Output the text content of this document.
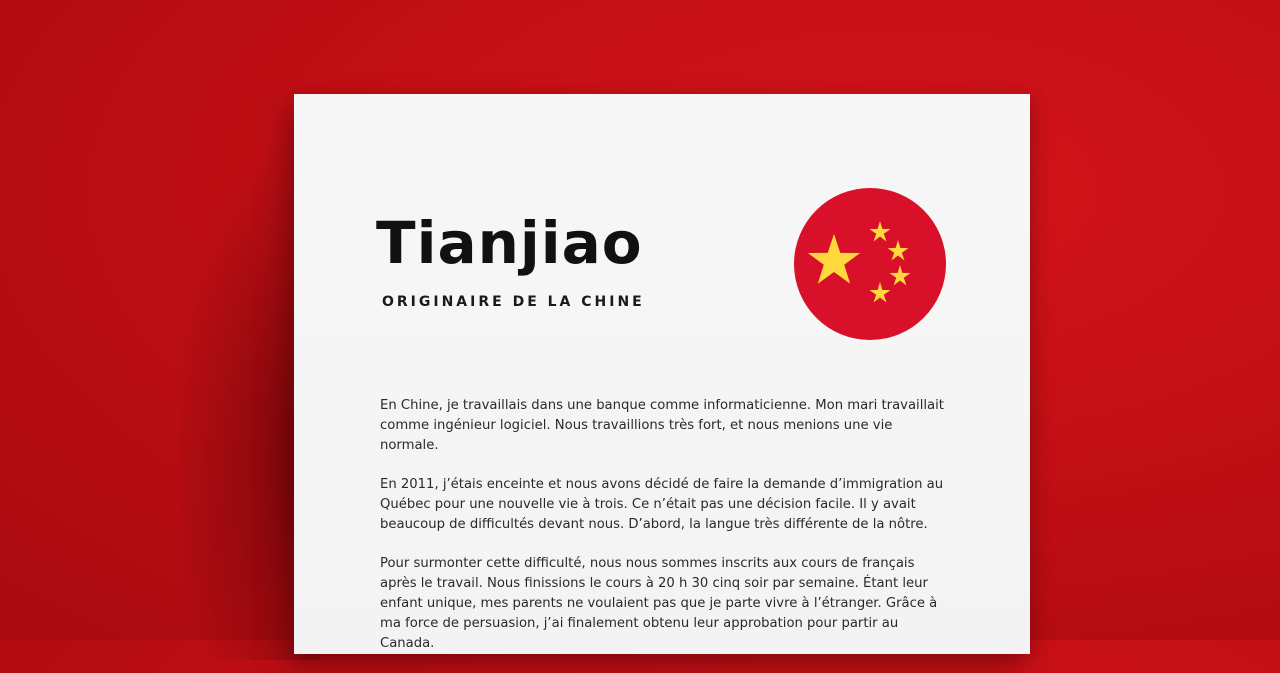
Tianjiao
ORIGINAIRE DE LA CHINE

En Chine, je travaillais dans une banque comme informaticienne. Mon mari travaillait comme ingénieur logiciel. Nous travaillions très fort, et nous menions une vie normale.

En 2011, j’étais enceinte et nous avons décidé de faire la demande d’immigration au Québec pour une nouvelle vie à trois. Ce n’était pas une décision facile. Il y avait beaucoup de difficultés devant nous. D’abord, la langue très différente de la nôtre.

Pour surmonter cette difficulté, nous nous sommes inscrits aux cours de français après le travail. Nous finissions le cours à 20 h 30 cinq soir par semaine. Étant leur enfant unique, mes parents ne voulaient pas que je parte vivre à l’étranger. Grâce à ma force de persuasion, j’ai finalement obtenu leur approbation pour partir au Canada.
